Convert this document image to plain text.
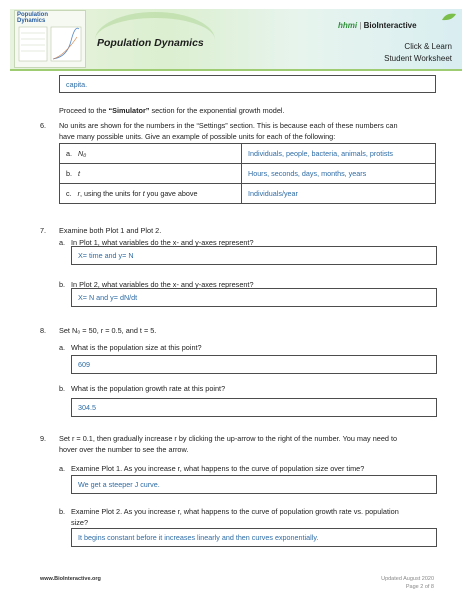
Population
Dynamics
Population Dynamics
hhmi | BioInteractive
Click & Learn
Student Worksheet
capita.
Proceed to the “Simulator” section for the exponential growth model.
6. No units are shown for the numbers in the “Settings” section. This is because each of these numbers can
have many possible units. Give an example of possible units for each of the following:
a. N₀	Individuals, people, bacteria, animals, protists
b. t	Hours, seconds, days, months, years
c. r, using the units for t you gave above	Individuals/year
7. Examine both Plot 1 and Plot 2.
a. In Plot 1, what variables do the x- and y-axes represent?
X= time and y= N
b. In Plot 2, what variables do the x- and y-axes represent?
X= N and y= dN/dt
8. Set N₀ = 50, r = 0.5, and t = 5.
a. What is the population size at this point?
609
b. What is the population growth rate at this point?
304.5
9. Set r = 0.1, then gradually increase r by clicking the up-arrow to the right of the number. You may need to
hover over the number to see the arrow.
a. Examine Plot 1. As you increase r, what happens to the curve of population size over time?
We get a steeper J curve.
b. Examine Plot 2. As you increase r, what happens to the curve of population growth rate vs. population
size?
It begins constant before it increases linearly and then curves exponentially.
www.BioInteractive.org	Updated August 2020
Page 2 of 8
